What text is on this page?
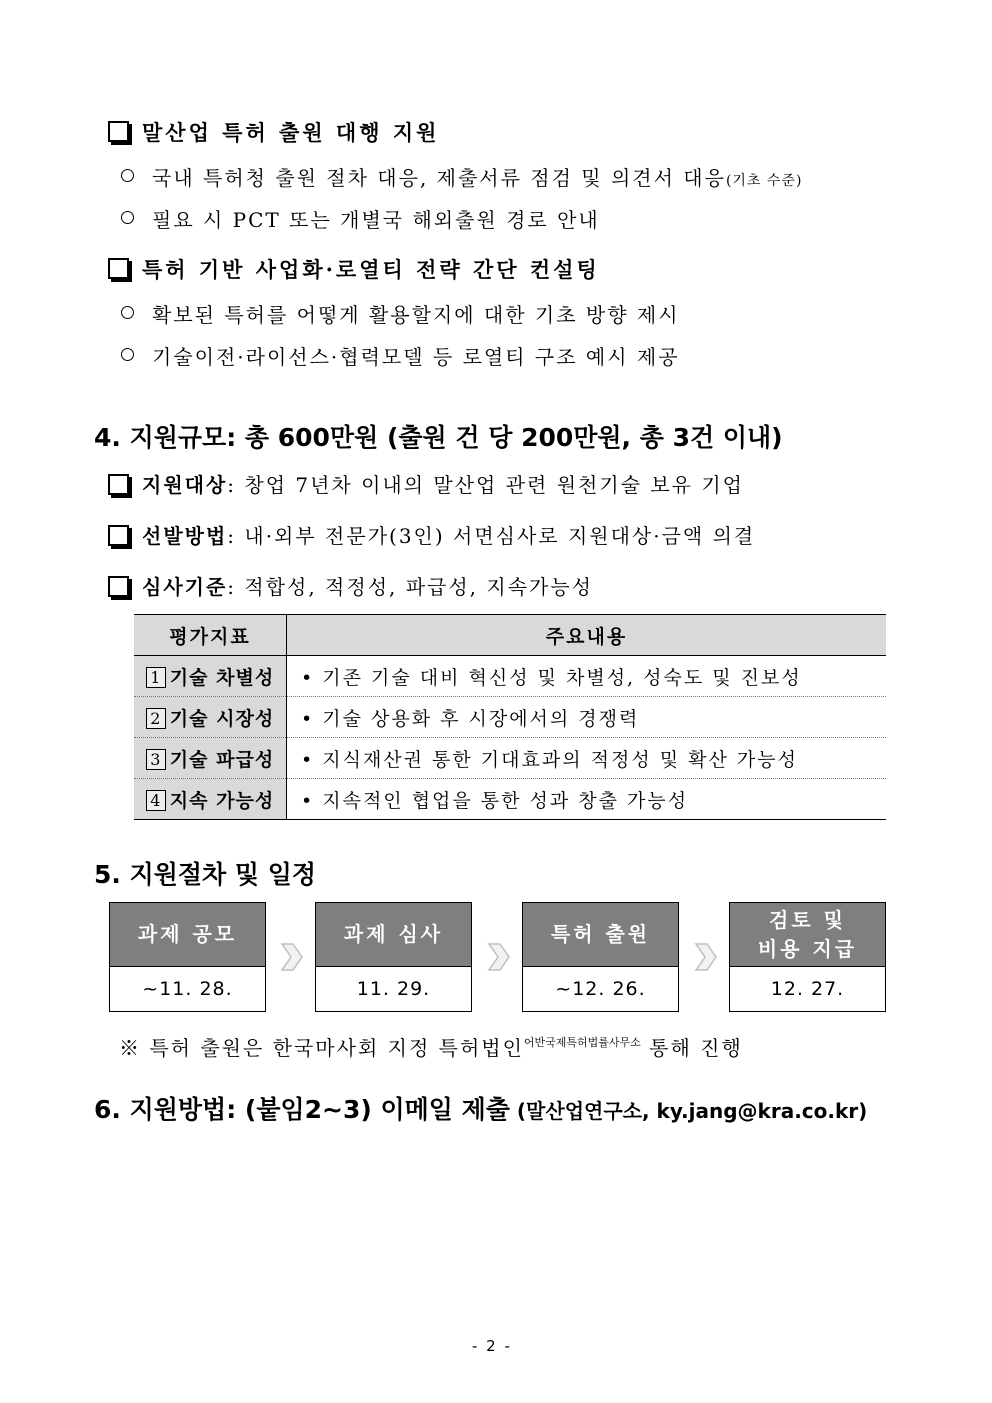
말산업 특허 출원 대행 지원
국내 특허청 출원 절차 대응, 제출서류 점검 및 의견서 대응(기초 수준)
필요 시 PCT 또는 개별국 해외출원 경로 안내
특허 기반 사업화·로열티 전략 간단 컨설팅
확보된 특허를 어떻게 활용할지에 대한 기초 방향 제시
기술이전·라이선스·협력모델 등 로열티 구조 예시 제공
4. 지원규모: 총 600만원 (출원 건 당 200만원, 총 3건 이내)
지원대상: 창업 7년차 이내의 말산업 관련 원천기술 보유 기업
선발방법: 내·외부 전문가(3인) 서면심사로 지원대상·금액 의결
심사기준: 적합성, 적정성, 파급성, 지속가능성
평가지표	주요내용
1 기술 차별성	• 기존 기술 대비 혁신성 및 차별성, 성숙도 및 진보성
2 기술 시장성	• 기술 상용화 후 시장에서의 경쟁력
3 기술 파급성	• 지식재산권 통한 기대효과의 적정성 및 확산 가능성
4 지속 가능성	• 지속적인 협업을 통한 성과 창출 가능성
5. 지원절차 및 일정
과제 공모
~11. 28.
과제 심사
11. 29.
특허 출원
~12. 26.
검토 및
비용 지급
12. 27.
※ 특허 출원은 한국마사회 지정 특허법인$^{어반국제특허법률사무소}$ 통해 진행
6. 지원방법: (붙임2~3) 이메일 제출 (말산업연구소, ky.jang@kra.co.kr)
- 2 -
